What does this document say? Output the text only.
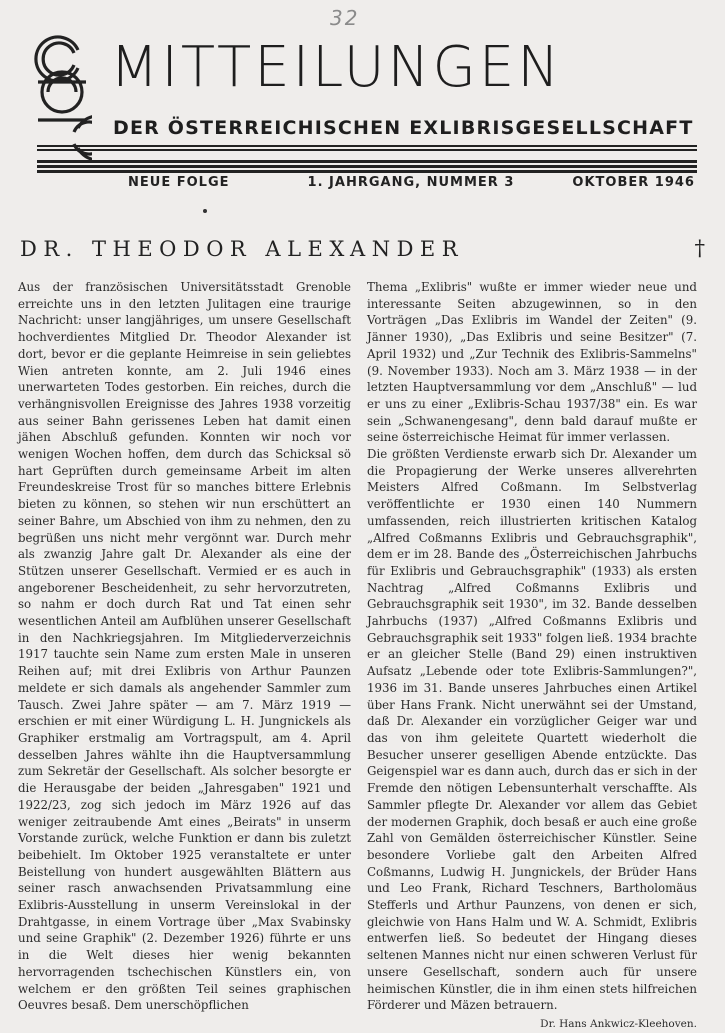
32
MITTEILUNGEN
DER ÖSTERREICHISCHEN EXLIBRISGESELLSCHAFT
NEUE FOLGE	1. JAHRGANG, NUMMER 3	OKTOBER 1946
DR. THEODOR ALEXANDER	†

Aus der französischen Universitätsstadt Grenoble erreichte uns in den letzten Julitagen eine traurige Nachricht: unser langjähriges, um unsere Gesellschaft hochverdientes Mitglied Dr. Theodor Alexander ist dort, bevor er die geplante Heimreise in sein geliebtes Wien antreten konnte, am 2. Juli 1946 eines unerwarteten Todes gestorben. Ein reiches, durch die verhängnisvollen Ereignisse des Jahres 1938 vorzeitig aus seiner Bahn gerissenes Leben hat damit einen jähen Abschluß gefunden. Konnten wir noch vor wenigen Wochen hoffen, dem durch das Schicksal sö hart Geprüften durch gemeinsame Arbeit im alten Freundeskreise Trost für so manches bittere Erlebnis bieten zu können, so stehen wir nun erschüttert an seiner Bahre, um Abschied von ihm zu nehmen, den zu begrüßen uns nicht mehr vergönnt war. Durch mehr als zwanzig Jahre galt Dr. Alexander als eine der Stützen unserer Gesellschaft. Vermied er es auch in angeborener Bescheidenheit, zu sehr hervorzutreten, so nahm er doch durch Rat und Tat einen sehr wesentlichen Anteil am Aufblühen unserer Gesellschaft in den Nachkriegsjahren. Im Mitgliederverzeichnis 1917 tauchte sein Name zum ersten Male in unseren Reihen auf; mit drei Exlibris von Arthur Paunzen meldete er sich damals als angehender Sammler zum Tausch. Zwei Jahre später — am 7. März 1919 — erschien er mit einer Würdigung L. H. Jungnickels als Graphiker erstmalig am Vortragspult, am 4. April desselben Jahres wählte ihn die Hauptversammlung zum Sekretär der Gesellschaft. Als solcher besorgte er die Herausgabe der beiden „Jahresgaben" 1921 und 1922/23, zog sich jedoch im März 1926 auf das weniger zeitraubende Amt eines „Beirats" in unserm Vorstande zurück, welche Funktion er dann bis zuletzt beibehielt. Im Oktober 1925 veranstaltete er unter Beistellung von hundert ausgewählten Blättern aus seiner rasch anwachsenden Privatsammlung eine Exlibris-Ausstellung in unserm Vereinslokal in der Drahtgasse, in einem Vortrage über „Max Svabinsky und seine Graphik" (2. Dezember 1926) führte er uns in die Welt dieses hier wenig bekannten hervorragenden tschechischen Künstlers ein, von welchem er den größten Teil seines graphischen Oeuvres besaß. Dem unerschöpflichen

Thema „Exlibris" wußte er immer wieder neue und interessante Seiten abzugewinnen, so in den Vorträgen „Das Exlibris im Wandel der Zeiten" (9. Jänner 1930), „Das Exlibris und seine Besitzer" (7. April 1932) und „Zur Technik des Exlibris-Sammelns" (9. November 1933). Noch am 3. März 1938 — in der letzten Hauptversammlung vor dem „Anschluß" — lud er uns zu einer „Exlibris-Schau 1937/38" ein. Es war sein „Schwanengesang", denn bald darauf mußte er seine österreichische Heimat für immer verlassen.

Die größten Verdienste erwarb sich Dr. Alexander um die Propagierung der Werke unseres allverehrten Meisters Alfred Coßmann. Im Selbstverlag veröffentlichte er 1930 einen 140 Nummern umfassenden, reich illustrierten kritischen Katalog „Alfred Coßmanns Exlibris und Gebrauchsgraphik", dem er im 28. Bande des „Österreichischen Jahrbuchs für Exlibris und Gebrauchsgraphik" (1933) als ersten Nachtrag „Alfred Coßmanns Exlibris und Gebrauchsgraphik seit 1930", im 32. Bande desselben Jahrbuchs (1937) „Alfred Coßmanns Exlibris und Gebrauchsgraphik seit 1933" folgen ließ. 1934 brachte er an gleicher Stelle (Band 29) einen instruktiven Aufsatz „Lebende oder tote Exlibris-Sammlungen?", 1936 im 31. Bande unseres Jahrbuches einen Artikel über Hans Frank. Nicht unerwähnt sei der Umstand, daß Dr. Alexander ein vorzüglicher Geiger war und das von ihm geleitete Quartett wiederholt die Besucher unserer geselligen Abende entzückte. Das Geigenspiel war es dann auch, durch das er sich in der Fremde den nötigen Lebensunterhalt verschaffte. Als Sammler pflegte Dr. Alexander vor allem das Gebiet der modernen Graphik, doch besaß er auch eine große Zahl von Gemälden österreichischer Künstler. Seine besondere Vorliebe galt den Arbeiten Alfred Coßmanns, Ludwig H. Jungnickels, der Brüder Hans und Leo Frank, Richard Teschners, Bartholomäus Stefferls und Arthur Paunzens, von denen er sich, gleichwie von Hans Halm und W. A. Schmidt, Exlibris entwerfen ließ. So bedeutet der Hingang dieses seltenen Mannes nicht nur einen schweren Verlust für unsere Gesellschaft, sondern auch für unsere heimischen Künstler, die in ihm einen stets hilfreichen Förderer und Mäzen betrauern.

Dr. Hans Ankwicz-Kleehoven.
